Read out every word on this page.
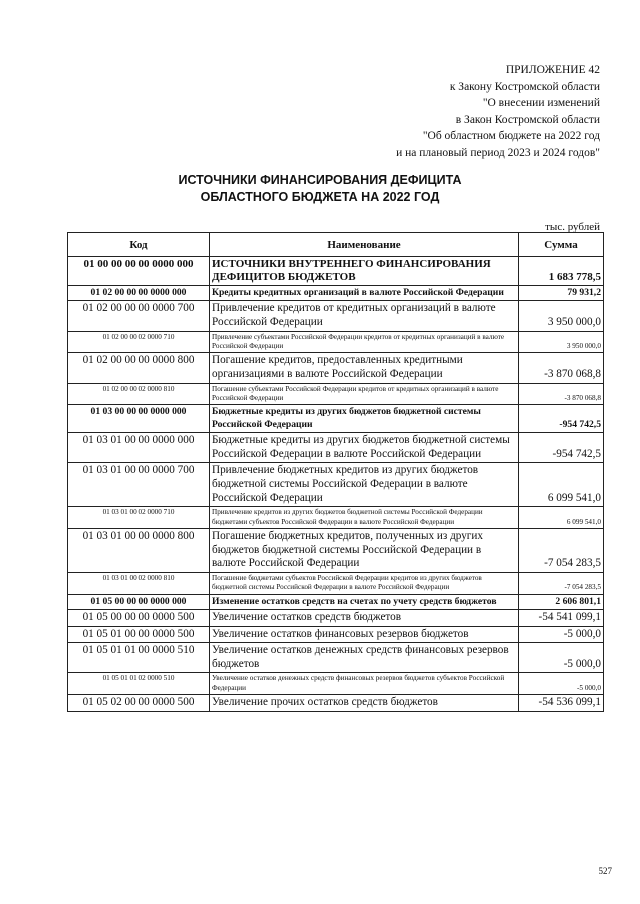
ПРИЛОЖЕНИЕ 42
к Закону Костромской области
"О внесении изменений
в Закон Костромской области
"Об областном бюджете на 2022 год
и на плановый период 2023 и 2024 годов"
ИСТОЧНИКИ ФИНАНСИРОВАНИЯ ДЕФИЦИТА
ОБЛАСТНОГО БЮДЖЕТА НА 2022 ГОД
тыс. рублей
Код	Наименование	Сумма
01 00 00 00 00 0000 000	ИСТОЧНИКИ ВНУТРЕННЕГО ФИНАНСИРОВАНИЯ ДЕФИЦИТОВ БЮДЖЕТОВ	1 683 778,5
01 02 00 00 00 0000 000	Кредиты кредитных организаций в валюте Российской Федерации	79 931,2
01 02 00 00 00 0000 700	Привлечение кредитов от кредитных организаций в валюте Российской Федерации	3 950 000,0
01 02 00 00 02 0000 710	Привлечение субъектами Российской Федерации кредитов от кредитных организаций в валюте Российской Федерации	3 950 000,0
01 02 00 00 00 0000 800	Погашение кредитов, предоставленных кредитными организациями в валюте Российской Федерации	-3 870 068,8
01 02 00 00 02 0000 810	Погашение субъектами Российской Федерации кредитов от кредитных организаций в валюте Российской Федерации	-3 870 068,8
01 03 00 00 00 0000 000	Бюджетные кредиты из других бюджетов бюджетной системы Российской Федерации	-954 742,5
01 03 01 00 00 0000 000	Бюджетные кредиты из других бюджетов бюджетной системы Российской Федерации в валюте Российской Федерации	-954 742,5
01 03 01 00 00 0000 700	Привлечение бюджетных кредитов из других бюджетов бюджетной системы Российской Федерации в валюте Российской Федерации	6 099 541,0
01 03 01 00 02 0000 710	Привлечение кредитов из других бюджетов бюджетной системы Российской Федерации бюджетами субъектов Российской Федерации в валюте Российской Федерации	6 099 541,0
01 03 01 00 00 0000 800	Погашение бюджетных кредитов, полученных из других бюджетов бюджетной системы Российской Федерации в валюте Российской Федерации	-7 054 283,5
01 03 01 00 02 0000 810	Погашение бюджетами субъектов Российской Федерации кредитов из других бюджетов бюджетной системы Российской Федерации в валюте Российской Федерации	-7 054 283,5
01 05 00 00 00 0000 000	Изменение остатков средств на счетах по учету средств бюджетов	2 606 801,1
01 05 00 00 00 0000 500	Увеличение остатков средств бюджетов	-54 541 099,1
01 05 01 00 00 0000 500	Увеличение остатков финансовых резервов бюджетов	-5 000,0
01 05 01 01 00 0000 510	Увеличение остатков денежных средств финансовых резервов бюджетов	-5 000,0
01 05 01 01 02 0000 510	Увеличение остатков денежных средств финансовых резервов бюджетов субъектов Российской Федерации	-5 000,0
01 05 02 00 00 0000 500	Увеличение прочих остатков средств бюджетов	-54 536 099,1
527
